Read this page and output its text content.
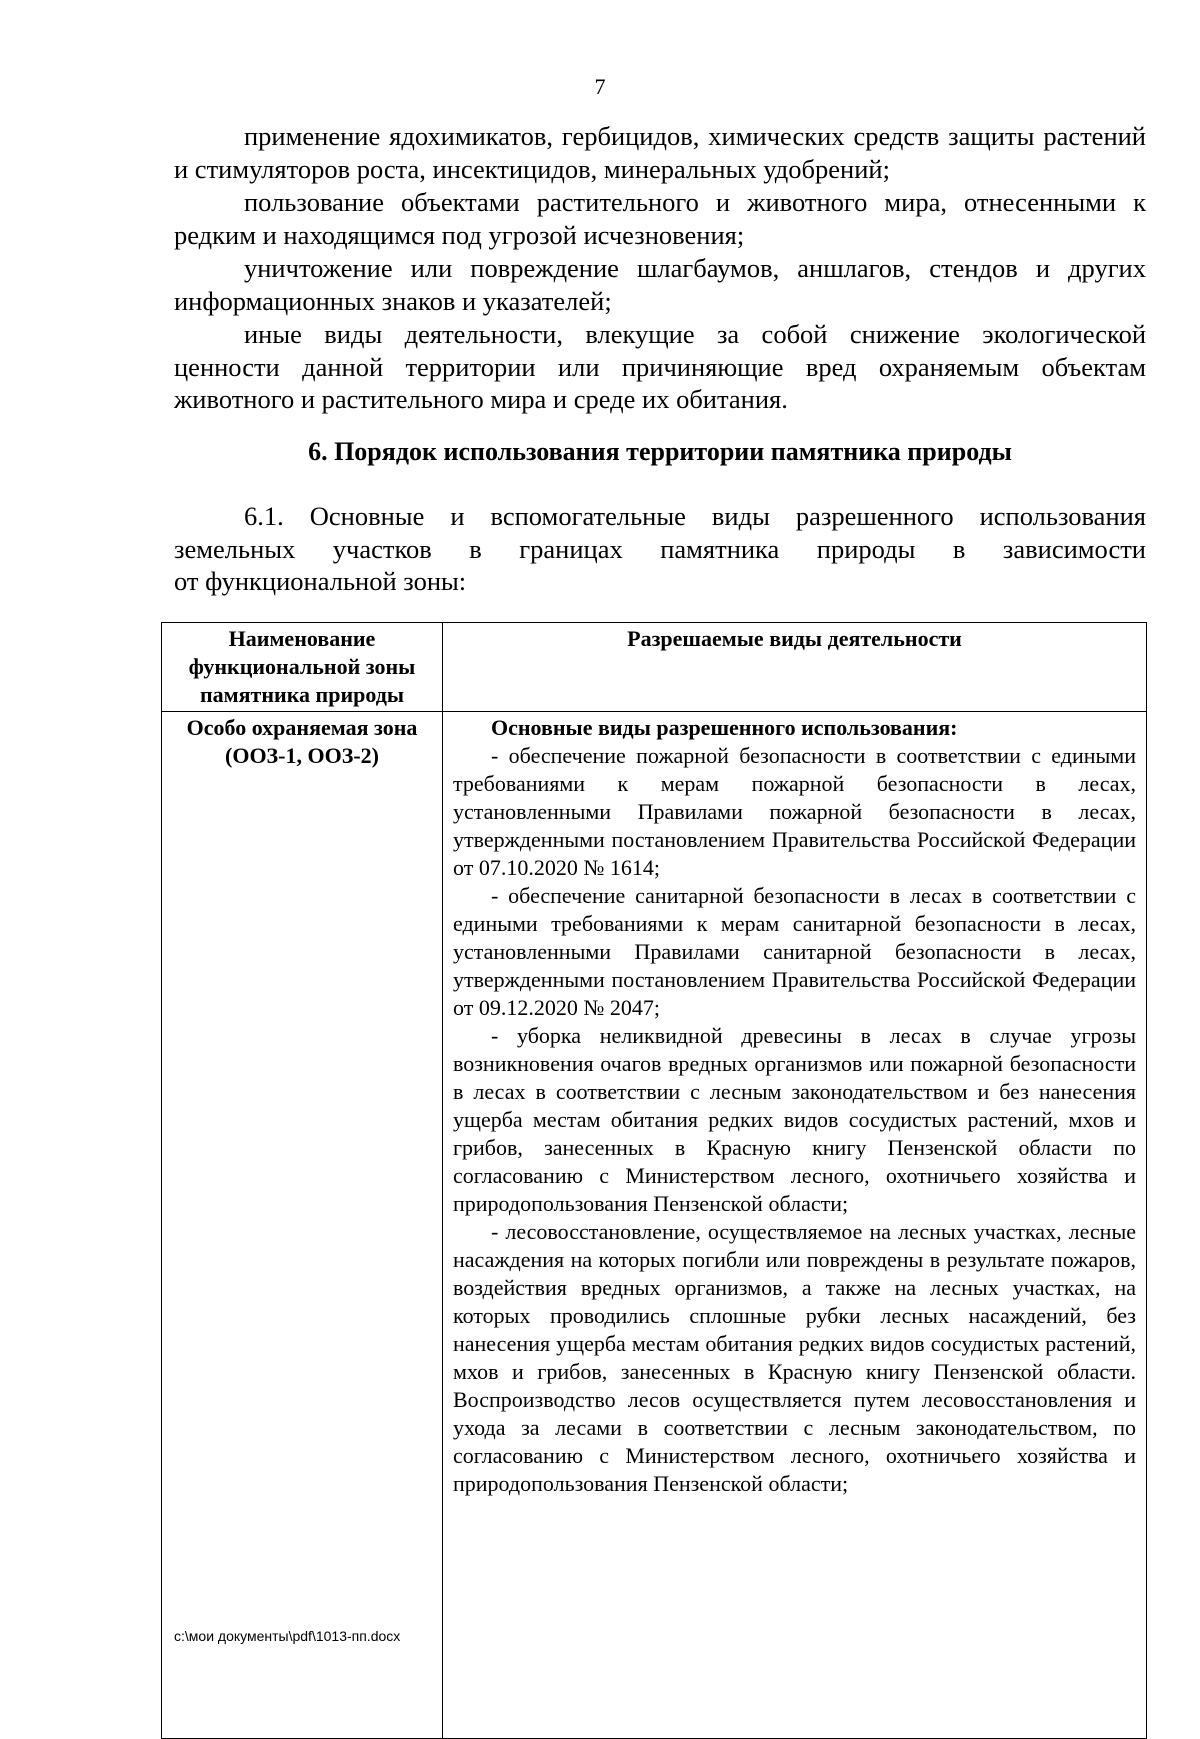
7

применение ядохимикатов, гербицидов, химических средств защиты растений и стимуляторов роста, инсектицидов, минеральных удобрений;

пользование объектами растительного и животного мира, отнесенными к редким и находящимся под угрозой исчезновения;

уничтожение или повреждение шлагбаумов, аншлагов, стендов и других информационных знаков и указателей;

иные виды деятельности, влекущие за собой снижение экологической ценности данной территории или причиняющие вред охраняемым объектам животного и растительного мира и среде их обитания.

6. Порядок использования территории памятника природы

6.1. Основные и вспомогательные виды разрешенного использования земельных участков в границах памятника природы в зависимости

от функциональной зоны:

Наименование функциональной зоны памятника природы	Разрешаемые виды деятельности
Особо охраняемая зона (ООЗ-1, ООЗ-2)	Основные виды разрешенного использования:

- обеспечение пожарной безопасности в соответствии с едиными требованиями к мерам пожарной безопасности в лесах, установленными Правилами пожарной безопасности в лесах, утвержденными постановлением Правительства Российской Федерации от 07.10.2020 № 1614;

- обеспечение санитарной безопасности в лесах в соответствии с едиными требованиями к мерам санитарной безопасности в лесах, установленными Правилами санитарной безопасности в лесах, утвержденными постановлением Правительства Российской Федерации от 09.12.2020 № 2047;

- уборка неликвидной древесины в лесах в случае угрозы возникновения очагов вредных организмов или пожарной безопасности в лесах в соответствии с лесным законодательством и без нанесения ущерба местам обитания редких видов сосудистых растений, мхов и грибов, занесенных в Красную книгу Пензенской области по согласованию с Министерством лесного, охотничьего хозяйства и природопользования Пензенской области;

- лесовосстановление, осуществляемое на лесных участках, лесные насаждения на которых погибли или повреждены в результате пожаров, воздействия вредных организмов, а также на лесных участках, на которых проводились сплошные рубки лесных насаждений, без нанесения ущерба местам обитания редких видов сосудистых растений, мхов и грибов, занесенных в Красную книгу Пензенской области. Воспроизводство лесов осуществляется путем лесовосстановления и ухода за лесами в соответствии с лесным законодательством, по согласованию с Министерством лесного, охотничьего хозяйства и природопользования Пензенской области;

c:\мои документы\pdf\1013-пп.docx
